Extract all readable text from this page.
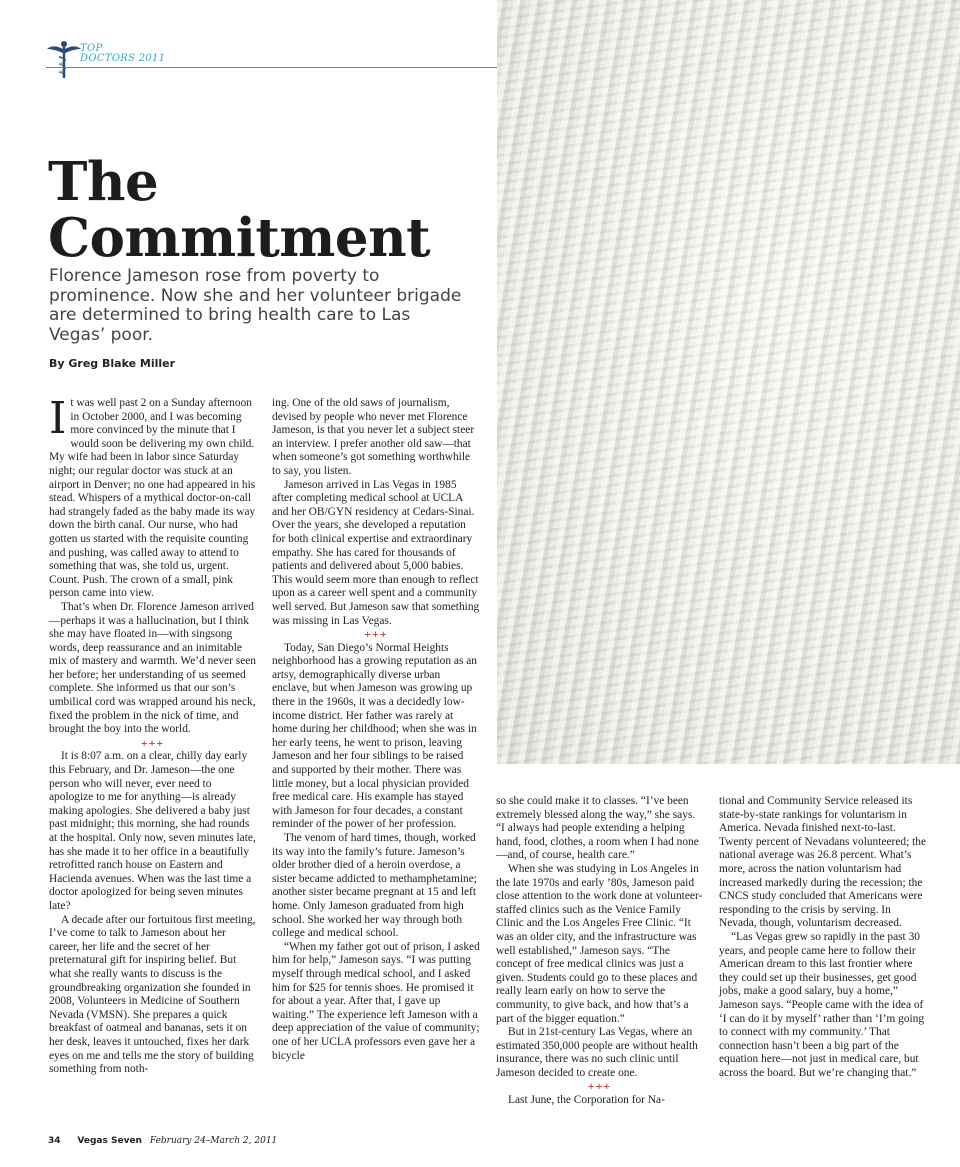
TOP
DOCTORS 2011
The
Commitment

Florence Jameson rose from poverty to prominence. Now she and her volunteer brigade are determined to bring health care to Las Vegas’ poor.

By Greg Blake Miller

It was well past 2 on a Sunday afternoon in October 2000, and I was becoming more convinced by the minute that I would soon be delivering my own child. My wife had been in labor since Saturday night; our regular doctor was stuck at an airport in Denver; no one had appeared in his stead. Whispers of a mythical doctor-on-call had strangely faded as the baby made its way down the birth canal. Our nurse, who had gotten us started with the requisite counting and pushing, was called away to attend to something that was, she told us, urgent. Count. Push. The crown of a small, pink person came into view.

That’s when Dr. Florence Jameson arrived—perhaps it was a hallucination, but I think she may have floated in—with singsong words, deep reassurance and an inimitable mix of mastery and warmth. We’d never seen her before; her understanding of us seemed complete. She informed us that our son’s umbilical cord was wrapped around his neck, fixed the problem in the nick of time, and brought the boy into the world.

+++

It is 8:07 a.m. on a clear, chilly day early this February, and Dr. Jameson—the one person who will never, ever need to apologize to me for anything—is already making apologies. She delivered a baby just past midnight; this morning, she had rounds at the hospital. Only now, seven minutes late, has she made it to her office in a beautifully retrofitted ranch house on Eastern and Hacienda avenues. When was the last time a doctor apologized for being seven minutes late?

A decade after our fortuitous first meeting, I’ve come to talk to Jameson about her career, her life and the secret of her preternatural gift for inspiring belief. But what she really wants to discuss is the groundbreaking organization she founded in 2008, Volunteers in Medicine of Southern Nevada (VMSN). She prepares a quick breakfast of oatmeal and bananas, sets it on her desk, leaves it untouched, fixes her dark eyes on me and tells me the story of building something from noth-

ing. One of the old saws of journalism, devised by people who never met Florence Jameson, is that you never let a subject steer an interview. I prefer another old saw—that when someone’s got something worthwhile to say, you listen.

Jameson arrived in Las Vegas in 1985 after completing medical school at UCLA and her OB/GYN residency at Cedars-Sinai. Over the years, she developed a reputation for both clinical expertise and extraordinary empathy. She has cared for thousands of patients and delivered about 5,000 babies. This would seem more than enough to reflect upon as a career well spent and a community well served. But Jameson saw that something was missing in Las Vegas.

+++

Today, San Diego’s Normal Heights neighborhood has a growing reputation as an artsy, demographically diverse urban enclave, but when Jameson was growing up there in the 1960s, it was a decidedly low-income district. Her father was rarely at home during her childhood; when she was in her early teens, he went to prison, leaving Jameson and her four siblings to be raised and supported by their mother. There was little money, but a local physician provided free medical care. His example has stayed with Jameson for four decades, a constant reminder of the power of her profession.

The venom of hard times, though, worked its way into the family’s future. Jameson’s older brother died of a heroin overdose, a sister became addicted to methamphetamine; another sister became pregnant at 15 and left home. Only Jameson graduated from high school. She worked her way through both college and medical school.

“When my father got out of prison, I asked him for help,” Jameson says. “I was putting myself through medical school, and I asked him for $25 for tennis shoes. He promised it for about a year. After that, I gave up waiting.” The experience left Jameson with a deep appreciation of the value of community; one of her UCLA professors even gave her a bicycle

so she could make it to classes. “I’ve been extremely blessed along the way,” she says. “I always had people extending a helping hand, food, clothes, a room when I had none—and, of course, health care.”

When she was studying in Los Angeles in the late 1970s and early ’80s, Jameson paid close attention to the work done at volunteer-staffed clinics such as the Venice Family Clinic and the Los Angeles Free Clinic. “It was an older city, and the infrastructure was well established,” Jameson says. “The concept of free medical clinics was just a given. Students could go to these places and really learn early on how to serve the community, to give back, and how that’s a part of the bigger equation.”

But in 21st-century Las Vegas, where an estimated 350,000 people are without health insurance, there was no such clinic until Jameson decided to create one.

+++

Last June, the Corporation for Na-

tional and Community Service released its state-by-state rankings for voluntarism in America. Nevada finished next-to-last. Twenty percent of Nevadans volunteered; the national average was 26.8 percent. What’s more, across the nation voluntarism had increased markedly during the recession; the CNCS study concluded that Americans were responding to the crisis by serving. In Nevada, though, voluntarism decreased.

“Las Vegas grew so rapidly in the past 30 years, and people came here to follow their American dream to this last frontier where they could set up their businesses, get good jobs, make a good salary, buy a home,” Jameson says. “People came with the idea of ‘I can do it by myself’ rather than ‘I’m going to connect with my community.’ That connection hasn’t been a big part of the equation here—not just in medical care, but across the board. But we’re changing that.”

34 Vegas Seven February 24–March 2, 2011
